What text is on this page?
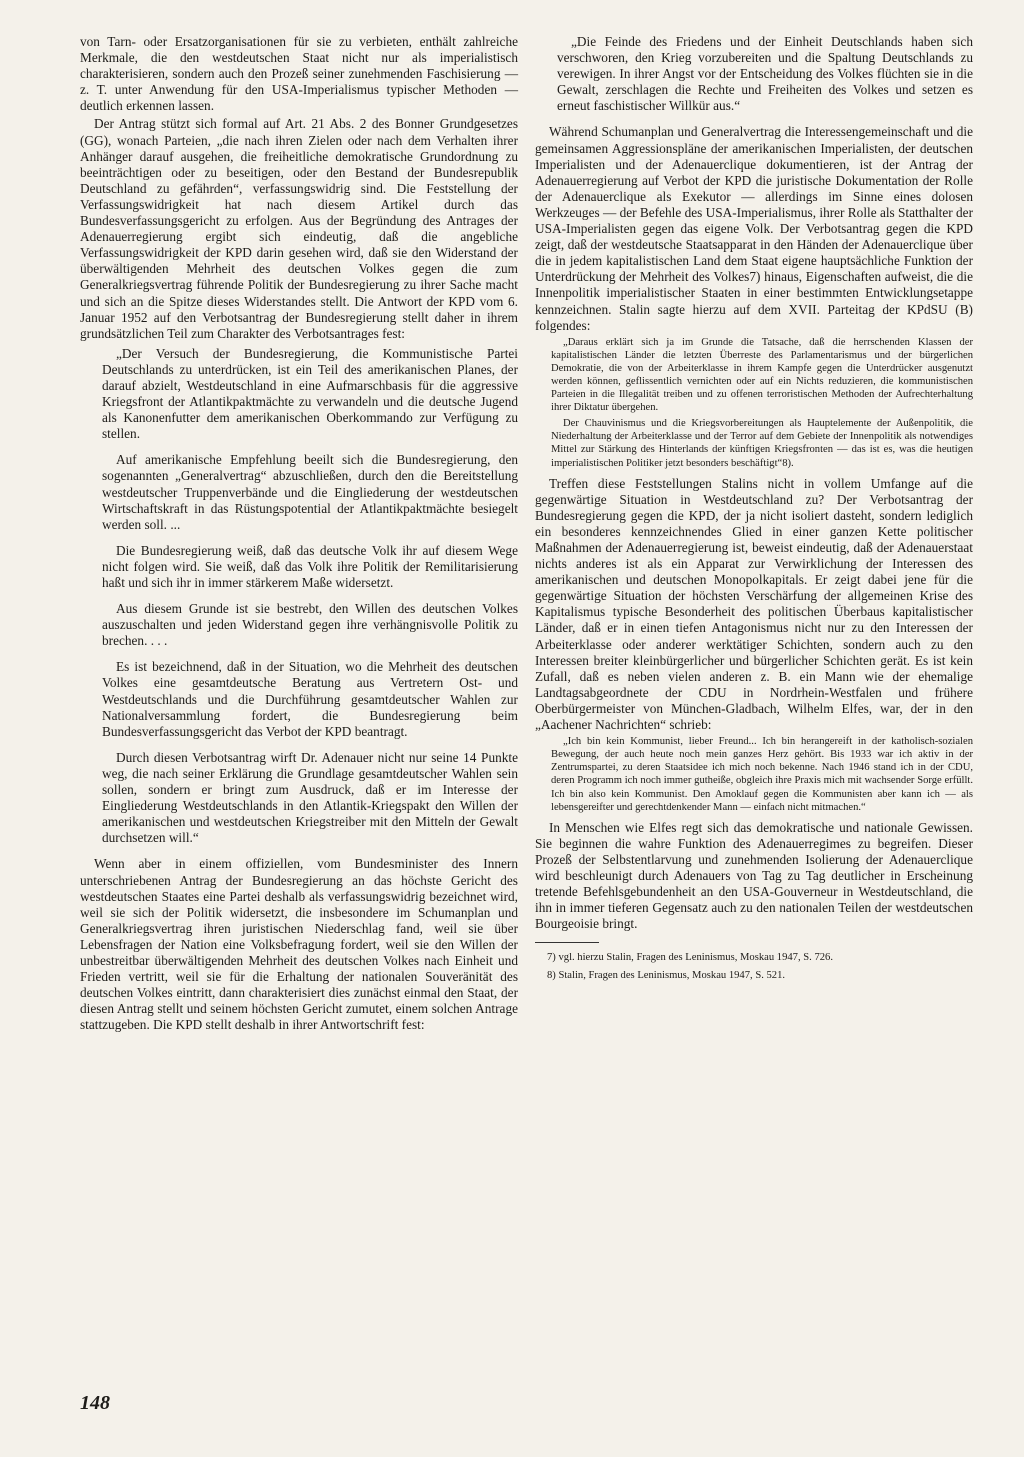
von Tarn- oder Ersatzorganisationen für sie zu verbieten, enthält zahlreiche Merkmale, die den westdeutschen Staat nicht nur als imperialistisch charakterisieren, sondern auch den Prozeß seiner zunehmenden Faschisierung — z. T. unter Anwendung für den USA-Imperialismus typischer Methoden — deutlich erkennen lassen.

Der Antrag stützt sich formal auf Art. 21 Abs. 2 des Bonner Grundgesetzes (GG), wonach Parteien, „die nach ihren Zielen oder nach dem Verhalten ihrer Anhänger darauf ausgehen, die freiheitliche demokratische Grundordnung zu beeinträchtigen oder zu beseitigen, oder den Bestand der Bundesrepublik Deutschland zu gefährden“, verfassungswidrig sind. Die Feststellung der Verfassungswidrigkeit hat nach diesem Artikel durch das Bundesverfassungsgericht zu erfolgen. Aus der Begründung des Antrages der Adenauerregierung ergibt sich eindeutig, daß die angebliche Verfassungswidrigkeit der KPD darin gesehen wird, daß sie den Widerstand der überwältigenden Mehrheit des deutschen Volkes gegen die zum Generalkriegsvertrag führende Politik der Bundesregierung zu ihrer Sache macht und sich an die Spitze dieses Widerstandes stellt. Die Antwort der KPD vom 6. Januar 1952 auf den Verbotsantrag der Bundesregierung stellt daher in ihrem grundsätzlichen Teil zum Charakter des Verbotsantrages fest:

„Der Versuch der Bundesregierung, die Kommunistische Partei Deutschlands zu unterdrücken, ist ein Teil des amerikanischen Planes, der darauf abzielt, Westdeutschland in eine Aufmarschbasis für die aggressive Kriegsfront der Atlantikpaktmächte zu verwandeln und die deutsche Jugend als Kanonenfutter dem amerikanischen Oberkommando zur Verfügung zu stellen.

Auf amerikanische Empfehlung beeilt sich die Bundesregierung, den sogenannten „Generalvertrag“ abzuschließen, durch den die Bereitstellung westdeutscher Truppenverbände und die Eingliederung der westdeutschen Wirtschaftskraft in das Rüstungspotential der Atlantikpaktmächte besiegelt werden soll. ...

Die Bundesregierung weiß, daß das deutsche Volk ihr auf diesem Wege nicht folgen wird. Sie weiß, daß das Volk ihre Politik der Remilitarisierung haßt und sich ihr in immer stärkerem Maße widersetzt.

Aus diesem Grunde ist sie bestrebt, den Willen des deutschen Volkes auszuschalten und jeden Widerstand gegen ihre verhängnisvolle Politik zu brechen. . . .

Es ist bezeichnend, daß in der Situation, wo die Mehrheit des deutschen Volkes eine gesamtdeutsche Beratung aus Vertretern Ost- und Westdeutschlands und die Durchführung gesamtdeutscher Wahlen zur Nationalversammlung fordert, die Bundesregierung beim Bundesverfassungsgericht das Verbot der KPD beantragt.

Durch diesen Verbotsantrag wirft Dr. Adenauer nicht nur seine 14 Punkte weg, die nach seiner Erklärung die Grundlage gesamtdeutscher Wahlen sein sollen, sondern er bringt zum Ausdruck, daß er im Interesse der Eingliederung Westdeutschlands in den Atlantik-Kriegspakt den Willen der amerikanischen und westdeutschen Kriegstreiber mit den Mitteln der Gewalt durchsetzen will.“

Wenn aber in einem offiziellen, vom Bundesminister des Innern unterschriebenen Antrag der Bundesregierung an das höchste Gericht des westdeutschen Staates eine Partei deshalb als verfassungswidrig bezeichnet wird, weil sie sich der Politik widersetzt, die insbesondere im Schumanplan und Generalkriegsvertrag ihren juristischen Niederschlag fand, weil sie über Lebensfragen der Nation eine Volksbefragung fordert, weil sie den Willen der unbestreitbar überwältigenden Mehrheit des deutschen Volkes nach Einheit und Frieden vertritt, weil sie für die Erhaltung der nationalen Souveränität des deutschen Volkes eintritt, dann charakterisiert dies zunächst einmal den Staat, der diesen Antrag stellt und seinem höchsten Gericht zumutet, einem solchen Antrage stattzugeben. Die KPD stellt deshalb in ihrer Antwortschrift fest:

„Die Feinde des Friedens und der Einheit Deutschlands haben sich verschworen, den Krieg vorzubereiten und die Spaltung Deutschlands zu verewigen. In ihrer Angst vor der Entscheidung des Volkes flüchten sie in die Gewalt, zerschlagen die Rechte und Freiheiten des Volkes und setzen es erneut faschistischer Willkür aus.“

Während Schumanplan und Generalvertrag die Interessengemeinschaft und die gemeinsamen Aggressionspläne der amerikanischen Imperialisten, der deutschen Imperialisten und der Adenauerclique dokumentieren, ist der Antrag der Adenauerregierung auf Verbot der KPD die juristische Dokumentation der Rolle der Adenauerclique als Exekutor — allerdings im Sinne eines dolosen Werkzeuges — der Befehle des USA-Imperialismus, ihrer Rolle als Statthalter der USA-Imperialisten gegen das eigene Volk. Der Verbotsantrag gegen die KPD zeigt, daß der westdeutsche Staatsapparat in den Händen der Adenauerclique über die in jedem kapitalistischen Land dem Staat eigene hauptsächliche Funktion der Unterdrückung der Mehrheit des Volkes7) hinaus, Eigenschaften aufweist, die die Innenpolitik imperialistischer Staaten in einer bestimmten Entwicklungsetappe kennzeichnen. Stalin sagte hierzu auf dem XVII. Parteitag der KPdSU (B) folgendes:

„Daraus erklärt sich ja im Grunde die Tatsache, daß die herrschenden Klassen der kapitalistischen Länder die letzten Überreste des Parlamentarismus und der bürgerlichen Demokratie, die von der Arbeiterklasse in ihrem Kampfe gegen die Unterdrücker ausgenutzt werden können, geflissentlich vernichten oder auf ein Nichts reduzieren, die kommunistischen Parteien in die Illegalität treiben und zu offenen terroristischen Methoden der Aufrechterhaltung ihrer Diktatur übergehen.

Der Chauvinismus und die Kriegsvorbereitungen als Hauptelemente der Außenpolitik, die Niederhaltung der Arbeiterklasse und der Terror auf dem Gebiete der Innenpolitik als notwendiges Mittel zur Stärkung des Hinterlands der künftigen Kriegsfronten — das ist es, was die heutigen imperialistischen Politiker jetzt besonders beschäftigt“8).

Treffen diese Feststellungen Stalins nicht in vollem Umfange auf die gegenwärtige Situation in Westdeutschland zu? Der Verbotsantrag der Bundesregierung gegen die KPD, der ja nicht isoliert dasteht, sondern lediglich ein besonderes kennzeichnendes Glied in einer ganzen Kette politischer Maßnahmen der Adenauerregierung ist, beweist eindeutig, daß der Adenauerstaat nichts anderes ist als ein Apparat zur Verwirklichung der Interessen des amerikanischen und deutschen Monopolkapitals. Er zeigt dabei jene für die gegenwärtige Situation der höchsten Verschärfung der allgemeinen Krise des Kapitalismus typische Besonderheit des politischen Überbaus kapitalistischer Länder, daß er in einen tiefen Antagonismus nicht nur zu den Interessen der Arbeiterklasse oder anderer werktätiger Schichten, sondern auch zu den Interessen breiter kleinbürgerlicher und bürgerlicher Schichten gerät. Es ist kein Zufall, daß es neben vielen anderen z. B. ein Mann wie der ehemalige Landtagsabgeordnete der CDU in Nordrhein-Westfalen und frühere Oberbürgermeister von München-Gladbach, Wilhelm Elfes, war, der in den „Aachener Nachrichten“ schrieb:

„Ich bin kein Kommunist, lieber Freund... Ich bin herangereift in der katholisch-sozialen Bewegung, der auch heute noch mein ganzes Herz gehört. Bis 1933 war ich aktiv in der Zentrumspartei, zu deren Staatsidee ich mich noch bekenne. Nach 1946 stand ich in der CDU, deren Programm ich noch immer gutheiße, obgleich ihre Praxis mich mit wachsender Sorge erfüllt. Ich bin also kein Kommunist. Den Amoklauf gegen die Kommunisten aber kann ich — als lebensgereifter und gerechtdenkender Mann — einfach nicht mitmachen.“

In Menschen wie Elfes regt sich das demokratische und nationale Gewissen. Sie beginnen die wahre Funktion des Adenauerregimes zu begreifen. Dieser Prozeß der Selbstentlarvung und zunehmenden Isolierung der Adenauerclique wird beschleunigt durch Adenauers von Tag zu Tag deutlicher in Erscheinung tretende Befehlsgebundenheit an den USA-Gouverneur in Westdeutschland, die ihn in immer tieferen Gegensatz auch zu den nationalen Teilen der westdeutschen Bourgeoisie bringt.

7) vgl. hierzu Stalin, Fragen des Leninismus, Moskau 1947, S. 726.

8) Stalin, Fragen des Leninismus, Moskau 1947, S. 521.

148
